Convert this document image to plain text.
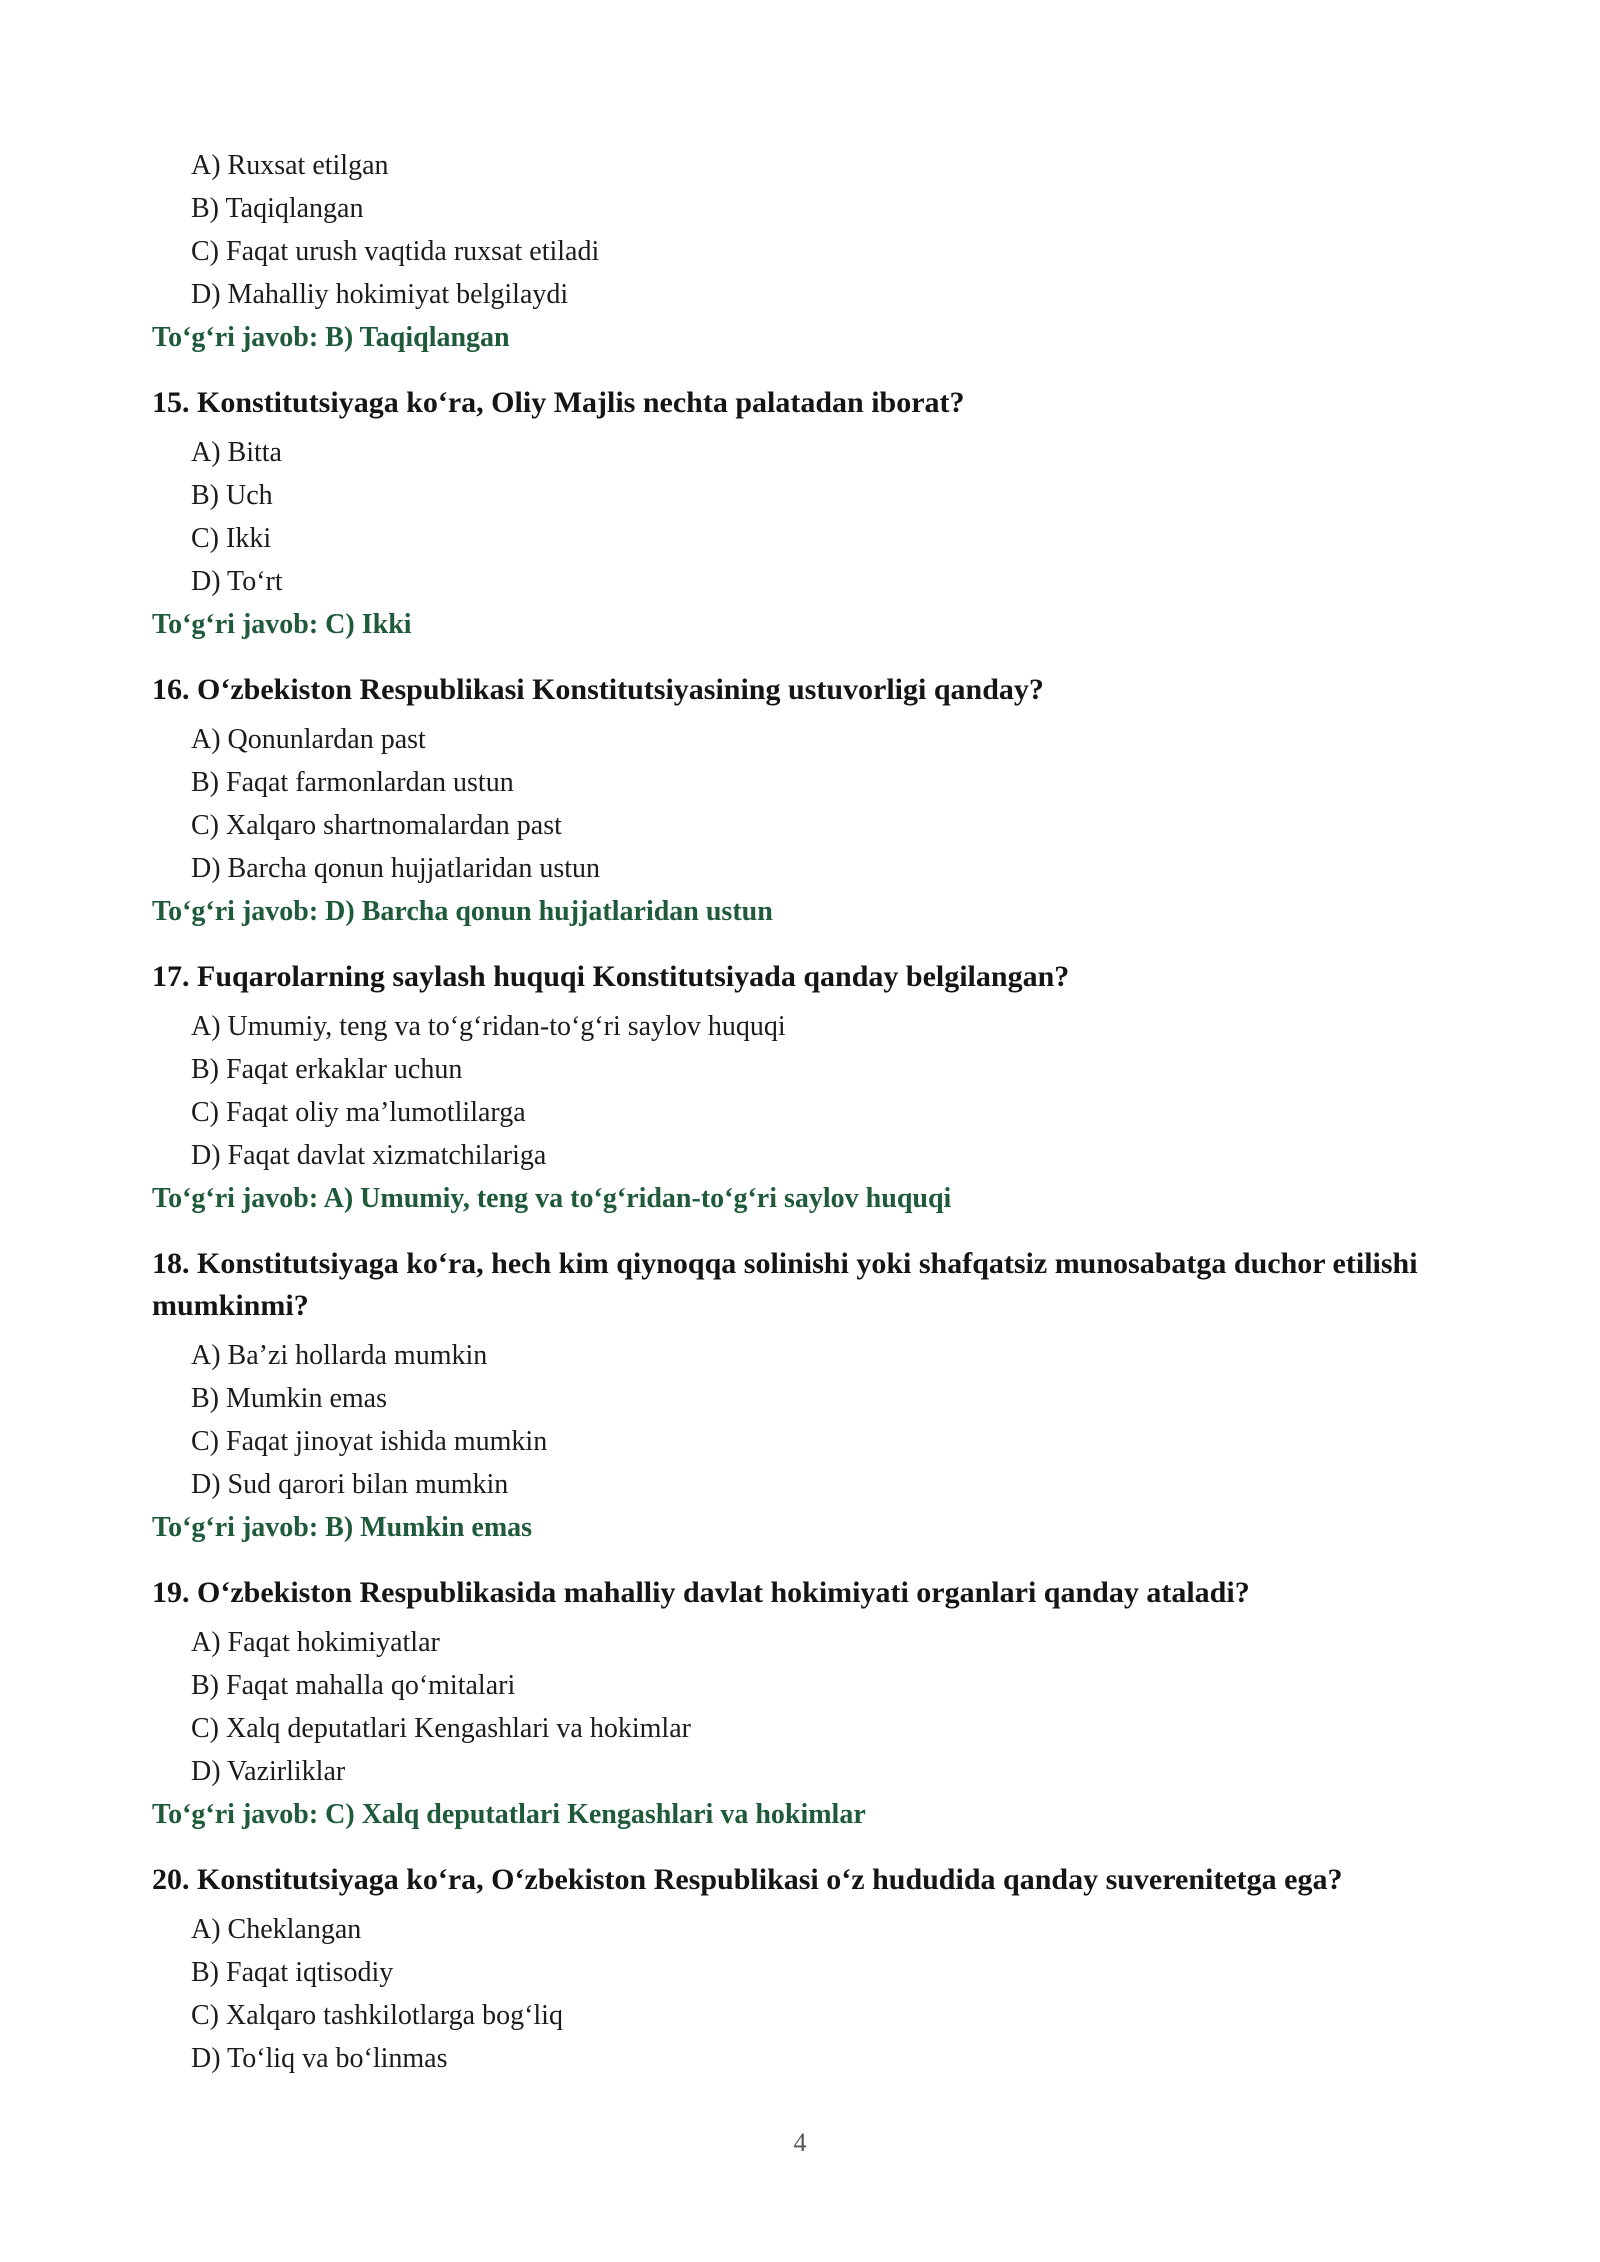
A) Ruxsat etilgan
B) Taqiqlangan
C) Faqat urush vaqtida ruxsat etiladi
D) Mahalliy hokimiyat belgilaydi
To‘g‘ri javob: B) Taqiqlangan

15. Konstitutsiyaga ko‘ra, Oliy Majlis nechta palatadan iborat?

A) Bitta
B) Uch
C) Ikki
D) To‘rt
To‘g‘ri javob: C) Ikki

16. O‘zbekiston Respublikasi Konstitutsiyasining ustuvorligi qanday?

A) Qonunlardan past
B) Faqat farmonlardan ustun
C) Xalqaro shartnomalardan past
D) Barcha qonun hujjatlaridan ustun
To‘g‘ri javob: D) Barcha qonun hujjatlaridan ustun

17. Fuqarolarning saylash huquqi Konstitutsiyada qanday belgilangan?

A) Umumiy, teng va to‘g‘ridan-to‘g‘ri saylov huquqi
B) Faqat erkaklar uchun
C) Faqat oliy ma’lumotlilarga
D) Faqat davlat xizmatchilariga
To‘g‘ri javob: A) Umumiy, teng va to‘g‘ridan-to‘g‘ri saylov huquqi

18. Konstitutsiyaga ko‘ra, hech kim qiynoqqa solinishi yoki shafqatsiz munosabatga duchor etilishi mumkinmi?

A) Ba’zi hollarda mumkin
B) Mumkin emas
C) Faqat jinoyat ishida mumkin
D) Sud qarori bilan mumkin
To‘g‘ri javob: B) Mumkin emas

19. O‘zbekiston Respublikasida mahalliy davlat hokimiyati organlari qanday ataladi?

A) Faqat hokimiyatlar
B) Faqat mahalla qo‘mitalari
C) Xalq deputatlari Kengashlari va hokimlar
D) Vazirliklar
To‘g‘ri javob: C) Xalq deputatlari Kengashlari va hokimlar

20. Konstitutsiyaga ko‘ra, O‘zbekiston Respublikasi o‘z hududida qanday suverenitetga ega?

A) Cheklangan
B) Faqat iqtisodiy
C) Xalqaro tashkilotlarga bog‘liq
D) To‘liq va bo‘linmas
4
